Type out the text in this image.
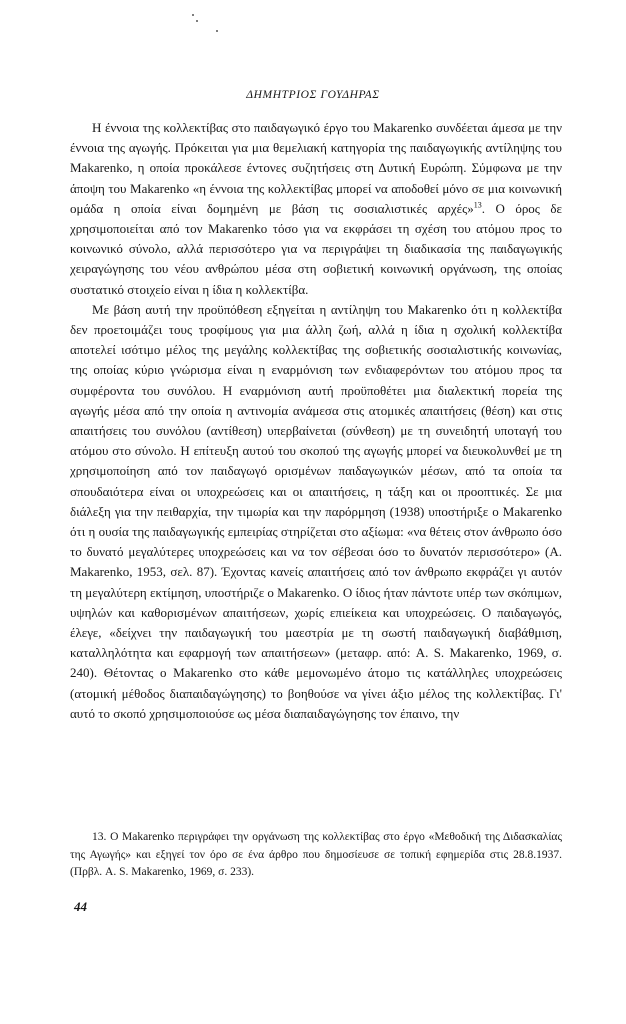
ΔΗΜΗΤΡΙΟΣ ΓΟΥΔΗΡΑΣ

Η έννοια της κολλεκτίβας στο παιδαγωγικό έργο του Makarenko συνδέεται άμεσα με την έννοια της αγωγής. Πρόκειται για μια θεμελιακή κατηγορία της παιδαγωγικής αντίληψης του Makarenko, η οποία προκάλεσε έντονες συζητήσεις στη Δυτική Ευρώπη. Σύμφωνα με την άποψη του Makarenko «η έννοια της κολλεκτίβας μπορεί να αποδοθεί μόνο σε μια κοινωνική ομάδα η οποία είναι δομημένη με βάση τις σοσιαλιστικές αρχές»$^{13}$. Ο όρος δε χρησιμοποιείται από τον Makarenko τόσο για να εκφράσει τη σχέση του ατόμου προς το κοινωνικό σύνολο, αλλά περισσότερο για να περιγράψει τη διαδικασία της παιδαγωγικής χειραγώγησης του νέου ανθρώπου μέσα στη σοβιετική κοινωνική οργάνωση, της οποίας συστατικό στοιχείο είναι η ίδια η κολλεκτίβα.

Με βάση αυτή την προϋπόθεση εξηγείται η αντίληψη του Makarenko ότι η κολλεκτίβα δεν προετοιμάζει τους τροφίμους για μια άλλη ζωή, αλλά η ίδια η σχολική κολλεκτίβα αποτελεί ισότιμο μέλος της μεγάλης κολλεκτίβας της σοβιετικής σοσιαλιστικής κοινωνίας, της οποίας κύριο γνώρισμα είναι η εναρμόνιση των ενδιαφερόντων του ατόμου προς τα συμφέροντα του συνόλου. Η εναρμόνιση αυτή προϋποθέτει μια διαλεκτική πορεία της αγωγής μέσα από την οποία η αντινομία ανάμεσα στις ατομικές απαιτήσεις (θέση) και στις απαιτήσεις του συνόλου (αντίθεση) υπερβαίνεται (σύνθεση) με τη συνειδητή υποταγή του ατόμου στο σύνολο. Η επίτευξη αυτού του σκοπού της αγωγής μπορεί να διευκολυνθεί με τη χρησιμοποίηση από τον παιδαγωγό ορισμένων παιδαγωγικών μέσων, από τα οποία τα σπουδαιότερα είναι οι υποχρεώσεις και οι απαιτήσεις, η τάξη και οι προοπτικές. Σε μια διάλεξη για την πειθαρχία, την τιμωρία και την παρόρμηση (1938) υποστήριξε ο Makarenko ότι η ουσία της παιδαγωγικής εμπειρίας στηρίζεται στο αξίωμα: «να θέτεις στον άνθρωπο όσο το δυνατό μεγαλύτερες υποχρεώσεις και να τον σέβεσαι όσο το δυνατόν περισσότερο» (A. Makarenko, 1953, σελ. 87). Έχοντας κανείς απαιτήσεις από τον άνθρωπο εκφράζει γι αυτόν τη μεγαλύτερη εκτίμηση, υποστήριζε ο Makarenko. Ο ίδιος ήταν πάντοτε υπέρ των σκόπιμων, υψηλών και καθορισμένων απαιτήσεων, χωρίς επιείκεια και υποχρεώσεις. Ο παιδαγωγός, έλεγε, «δείχνει την παιδαγωγική του μαεστρία με τη σωστή παιδαγωγική διαβάθμιση, καταλληλότητα και εφαρμογή των απαιτήσεων» (μεταφρ. από: A. S. Makarenko, 1969, σ. 240). Θέτοντας ο Makarenko στο κάθε μεμονωμένο άτομο τις κατάλληλες υποχρεώσεις (ατομική μέθοδος διαπαιδαγώγησης) το βοηθούσε να γίνει άξιο μέλος της κολλεκτίβας. Γι' αυτό το σκοπό χρησιμοποιούσε ως μέσα διαπαιδαγώγησης τον έπαινο, την

13. Ο Makarenko περιγράφει την οργάνωση της κολλεκτίβας στο έργο «Μεθοδική της Διδασκαλίας της Αγωγής» και εξηγεί τον όρο σε ένα άρθρο που δημοσίευσε σε τοπική εφημερίδα στις 28.8.1937. (Πρβλ. A. S. Makarenko, 1969, σ. 233).

44
